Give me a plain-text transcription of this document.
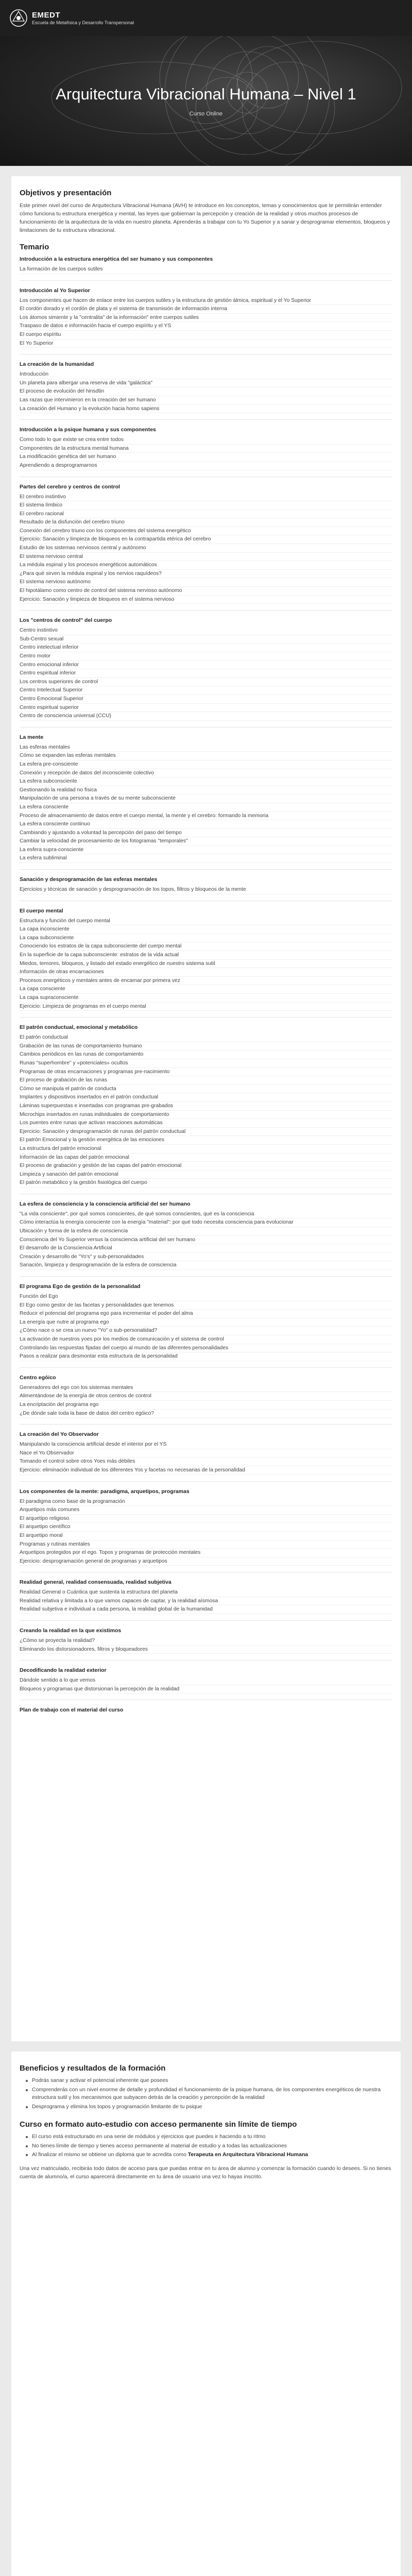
EMEDT
Escuela de Metafísica y Desarrollo Transpersonal
Arquitectura Vibracional Humana – Nivel 1

Curso Online

Objetivos y presentación

Este primer nivel del curso de Arquitectura Vibracional Humana (AVH) te introduce en los conceptos, temas y conocimientos que te permitirán entender cómo funciona tu estructura energética y mental, las leyes que gobiernan la percepción y creación de la realidad y otros muchos procesos de funcionamiento de la arquitectura de la vida en nuestro planeta. Aprenderás a trabajar con tu Yo Superior y a sanar y desprogramar elementos, bloqueos y limitaciones de tu estructura vibracional.

Temario
Introducción a la estructura energética del ser humano y sus componentes
La formación de los cuerpos sutiles
Introducción al Yo Superior
Los componentes que hacen de enlace entre los cuerpos sutiles y la estructura de gestión álmica, espiritual y el Yo Superior
El cordón dorado y el cordón de plata y el sistema de transmisión de información interna
Los átomos simiente y la "centralita" de la información" entre cuerpos sutiles
Traspaso de datos e información hacia el cuerpo espíritu y el YS
El cuerpo espíritu
El Yo Superior
La creación de la humanidad
Introducción
Un planeta para albergar una reserva de vida "galáctica"
El proceso de evolución del hinsdtin
Las razas que intervinieron en la creación del ser humano
La creación del Humano y la evolución hacia homo sapiens
Introducción a la psique humana y sus componentes
Como todo lo que existe se crea entre todos
Componentes de la estructura mental humana
La modificación genética del ser humano
Aprendiendo a desprogramarnos
Partes del cerebro y centros de control
El cerebro instintivo
El sistema límbico
El cerebro racional
Resultado de la disfunción del cerebro triuno
Conexión del cerebro triuno con los componentes del sistema energético
Ejercicio: Sanación y limpieza de bloqueos en la contrapartida etérica del cerebro
Estudio de los sistemas nerviosos central y autónomo
El sistema nervioso central
La médula espinal y los procesos energéticos automáticos
¿Para qué sirven la médula espinal y los nervios raquídeos?
El sistema nervioso autónomo
El hipotálamo como centro de control del sistema nervioso autónomo
Ejercicio: Sanación y limpieza de bloqueos en el sistema nervioso
Los "centros de control" del cuerpo
Centro instintivo
Sub-Centro sexual
Centro intelectual inferior
Centro motor
Centro emocional inferior
Centro espiritual inferior
Los centros superiores de control
Centro Intelectual Superior
Centro Emocional Superior
Centro espiritual superior
Centro de consciencia universal (CCU)
La mente
Las esferas mentales
Cómo se expanden las esferas mentales
La esfera pre-consciente
Conexión y recepción de datos del inconsciente colectivo
La esfera subconsciente
Gestionando la realidad no física
Manipulación de una persona a través de su mente subconsciente
La esfera consciente
Proceso de almacenamiento de datos entre el cuerpo mental, la mente y el cerebro: formando la memoria
La esfera consciente continuo
Cambiando y ajustando a voluntad la percepción del paso del tiempo
Cambiar la velocidad de procesamiento de los fotogramas "temporales"
La esfera supra-consciente
La esfera subliminal
Sanación y desprogramación de las esferas mentales
Ejercicios y técnicas de sanación y desprogramación de los topos, filtros y bloqueos de la mente
El cuerpo mental
Estructura y función del cuerpo mental
La capa inconsciente
La capa subconsciente
Conociendo los estratos de la capa subconsciente del cuerpo mental
En la superficie de la capa subconsciente: estratos de la vida actual
Miedos, temores, bloqueos, y listado del estado energético de nuestro sistema sutil
Información de otras encarnaciones
Procesos energéticos y mentales antes de encarnar por primera vez
La capa consciente
La capa supraconsciente
Ejercicio: Limpieza de programas en el cuerpo mental
El patrón conductual, emocional y metabólico
El patrón conductual
Grabación de las runas de comportamiento humano
Cambios periódicos en las runas de comportamiento
Runas "superhombre" y «potenciales» ocultos
Programas de otras encarnaciones y programas pre-nacimiento
El proceso de grabación de las runas
Cómo se manipula el patrón de conducta
Implantes y dispositivos insertados en el patrón conductual
Láminas superpuestas e insertadas con programas pre-grabados
Microchips insertados en runas individuales de comportamiento
Los puentes entre runas que activan reacciones automáticas
Ejercicio: Sanación y desprogramación de runas del patrón conductual
El patrón Emocional y la gestión energética de las emociones
La estructura del patrón emocional
Información de las capas del patrón emocional
El proceso de grabación y gestión de las capas del patrón emocional
Limpieza y sanación del patrón emocional
El patrón metabólico y la gestión fisiológica del cuerpo
La esfera de consciencia y la consciencia artificial del ser humano
"La vida consciente", por qué somos conscientes, de qué somos conscientes, qué es la consciencia
Cómo interactúa la energía consciente con la energía "material": por qué todo necesita consciencia para evolucionar
Ubicación y forma de la esfera de consciencia
Consciencia del Yo Superior versus la consciencia artificial del ser humano
El desarrollo de la Consciencia Artificial
Creación y desarrollo de "Yo's" y sub-personalidades
Sanación, limpieza y desprogramación de la esfera de consciencia
El programa Ego de gestión de la personalidad
Función del Ego
El Ego como gestor de las facetas y personalidades que tenemos
Reducir el potencial del programa ego para incrementar el poder del alma
La energía que nutre al programa ego
¿Cómo nace o se crea un nuevo "Yo" o sub-personalidad?
La activación de nuestros yoes por los medios de comunicación y el sistema de control
Controlando las respuestas fijadas del cuerpo al mundo de las diferentes personalidades
Pasos a realizar para desmontar esta estructura de la personalidad
Centro egóico
Generadores del ego con los sistemas mentales
Alimentándose de la energía de otros centros de control
La encriptación del programa ego
¿De dónde sale toda la base de datos del centro egóico?
La creación del Yo Observador
Manipulando la consciencia artificial desde el interior por el YS
Nace el Yo Observador
Tomando el control sobre otros Yoes más débiles
Ejercicio: eliminación individual de los diferentes Yos y facetas no necesarias de la personalidad
Los componentes de la mente: paradigma, arquetipos, programas
El paradigma como base de la programación
Arquetipos más comunes
El arquetipo religioso
El arquetipo científico
El arquetipo moral
Programas y rutinas mentales
Arquetipos protegidos por el ego. Topos y programas de protección mentales
Ejercicio: desprogramación general de programas y arquetipos
Realidad general, realidad consensuada, realidad subjetiva
Realidad General o Cuántica que sustenta la estructura del planeta
Realidad relativa y limitada a lo que vamos capaces de captar, y la realidad aísmosa
Realidad subjetiva e individual a cada persona, la realidad global de la humanidad
Creando la realidad en la que existimos
¿Cómo se proyecta la realidad?
Eliminando los distorsionadores, filtros y bloqueadores
Decodificando la realidad exterior
Dándole sentido a lo que vemos
Bloqueos y programas que distorsionan la percepción de la realidad
Plan de trabajo con el material del curso
Beneficios y resultados de la formación
Podrás sanar y activar el potencial inherente que posees
Comprenderás con un nivel enorme de detalle y profundidad el funcionamiento de la psique humana, de los componentes energéticos de nuestra estructura sutil y los mecanismos que subyacen detrás de la creación y percepción de la realidad
Desprograma y elimina los topos y programación limitante de tu psique
Curso en formato auto-estudio con acceso permanente sin límite de tiempo
El curso está estructurado en una serie de módulos y ejercicios que puedes ir haciendo a tu ritmo
No tienes límite de tiempo y tienes acceso permanente al material de estudio y a todas las actualizaciones
Al finalizar el mismo se obtiene un diploma que te acredita como Terapeuta en Arquitectura Vibracional Humana

Una vez matriculado, recibirás todo datos de acceso para que puedas entrar en tu área de alumno y comenzar la formación cuando lo desees. Si no tienes cuenta de alumno/a, el curso aparecerá directamente en tu área de usuario una vez lo hayas inscrito.
